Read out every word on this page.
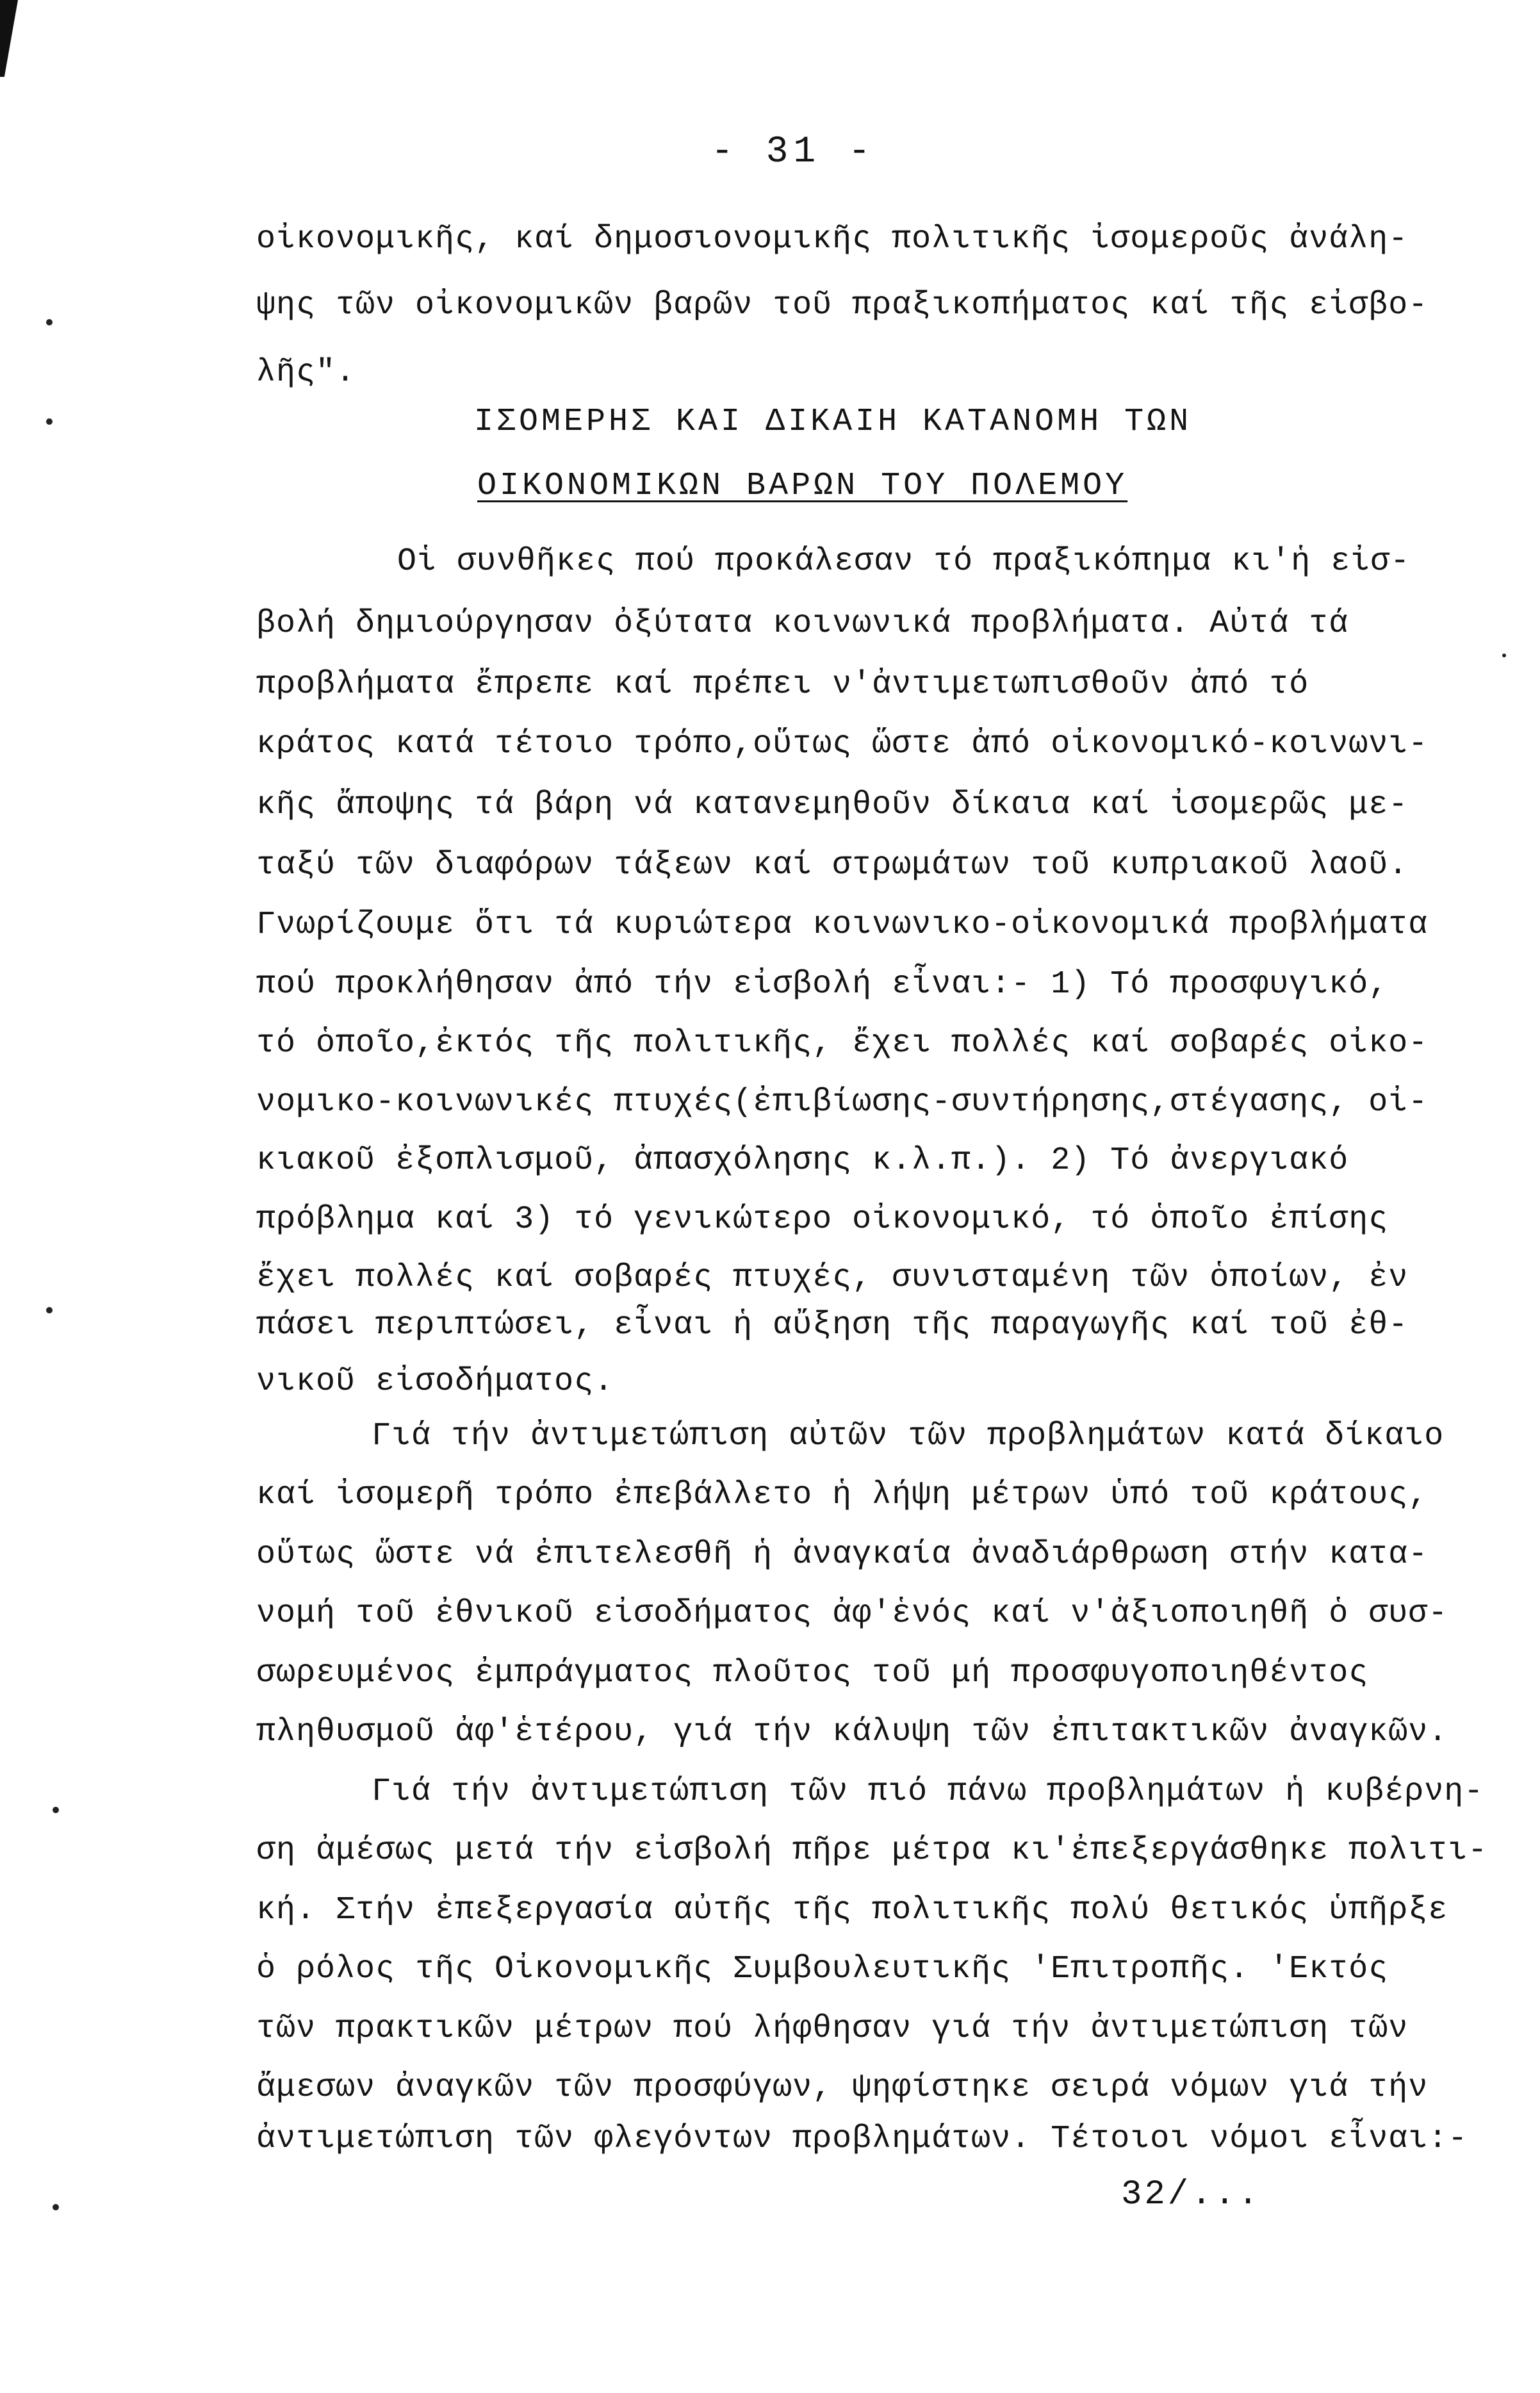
- 31 -
οἰκονομικῆς, καί δημοσιονομικῆς πολιτικῆς ἰσομεροῦς ἀνάλη-
ψης τῶν οἰκονομικῶν βαρῶν τοῦ πραξικοπήματος καί τῆς εἰσβο-
λῆς".
ΙΣΟΜΕΡΗΣ ΚΑΙ ΔΙΚΑΙΗ ΚΑΤΑΝΟΜΗ ΤΩΝ
ΟΙΚΟΝΟΜΙΚΩΝ ΒΑΡΩΝ ΤΟΥ ΠΟΛΕΜΟΥ
Οἱ συνθῆκες πού προκάλεσαν τό πραξικόπημα κι'ἡ εἰσ-
βολή δημιούργησαν ὀξύτατα κοινωνικά προβλήματα. Αὐτά τά
προβλήματα ἔπρεπε καί πρέπει ν'ἀντιμετωπισθοῦν ἀπό τό
κράτος κατά τέτοιο τρόπο,οὕτως ὥστε ἀπό οἰκονομικό-κοινωνι-
κῆς ἄποψης τά βάρη νά κατανεμηθοῦν δίκαια καί ἰσομερῶς με-
ταξύ τῶν διαφόρων τάξεων καί στρωμάτων τοῦ κυπριακοῦ λαοῦ.
Γνωρίζουμε ὅτι τά κυριώτερα κοινωνικο-οἰκονομικά προβλήματα
πού προκλήθησαν ἀπό τήν εἰσβολή εἶναι:- 1) Τό προσφυγικό,
τό ὁποῖο,ἐκτός τῆς πολιτικῆς, ἔχει πολλές καί σοβαρές οἰκο-
νομικο-κοινωνικές πτυχές(ἐπιβίωσης-συντήρησης,στέγασης, οἰ-
κιακοῦ ἐξοπλισμοῦ, ἀπασχόλησης κ.λ.π.). 2) Τό ἀνεργιακό
πρόβλημα καί 3) τό γενικώτερο οἰκονομικό, τό ὁποῖο ἐπίσης
ἔχει πολλές καί σοβαρές πτυχές, συνισταμένη τῶν ὁποίων, ἐν
πάσει περιπτώσει, εἶναι ἡ αὔξηση τῆς παραγωγῆς καί τοῦ ἐθ-
νικοῦ εἰσοδήματος.
Γιά τήν ἀντιμετώπιση αὐτῶν τῶν προβλημάτων κατά δίκαιο
καί ἰσομερῆ τρόπο ἐπεβάλλετο ἡ λήψη μέτρων ὑπό τοῦ κράτους,
οὕτως ὥστε νά ἐπιτελεσθῆ ἡ ἀναγκαία ἀναδιάρθρωση στήν κατα-
νομή τοῦ ἐθνικοῦ εἰσοδήματος ἀφ'ἑνός καί ν'ἀξιοποιηθῆ ὁ συσ-
σωρευμένος ἐμπράγματος πλοῦτος τοῦ μή προσφυγοποιηθέντος
πληθυσμοῦ ἀφ'ἑτέρου, γιά τήν κάλυψη τῶν ἐπιτακτικῶν ἀναγκῶν.
Γιά τήν ἀντιμετώπιση τῶν πιό πάνω προβλημάτων ἡ κυβέρνη-
ση ἀμέσως μετά τήν εἰσβολή πῆρε μέτρα κι'ἐπεξεργάσθηκε πολιτι-
κή. Στήν ἐπεξεργασία αὐτῆς τῆς πολιτικῆς πολύ θετικός ὑπῆρξε
ὁ ρόλος τῆς Οἰκονομικῆς Συμβουλευτικῆς 'Επιτροπῆς. 'Εκτός
τῶν πρακτικῶν μέτρων πού λήφθησαν γιά τήν ἀντιμετώπιση τῶν
ἄμεσων ἀναγκῶν τῶν προσφύγων, ψηφίστηκε σειρά νόμων γιά τήν
ἀντιμετώπιση τῶν φλεγόντων προβλημάτων. Τέτοιοι νόμοι εἶναι:-
32/...
